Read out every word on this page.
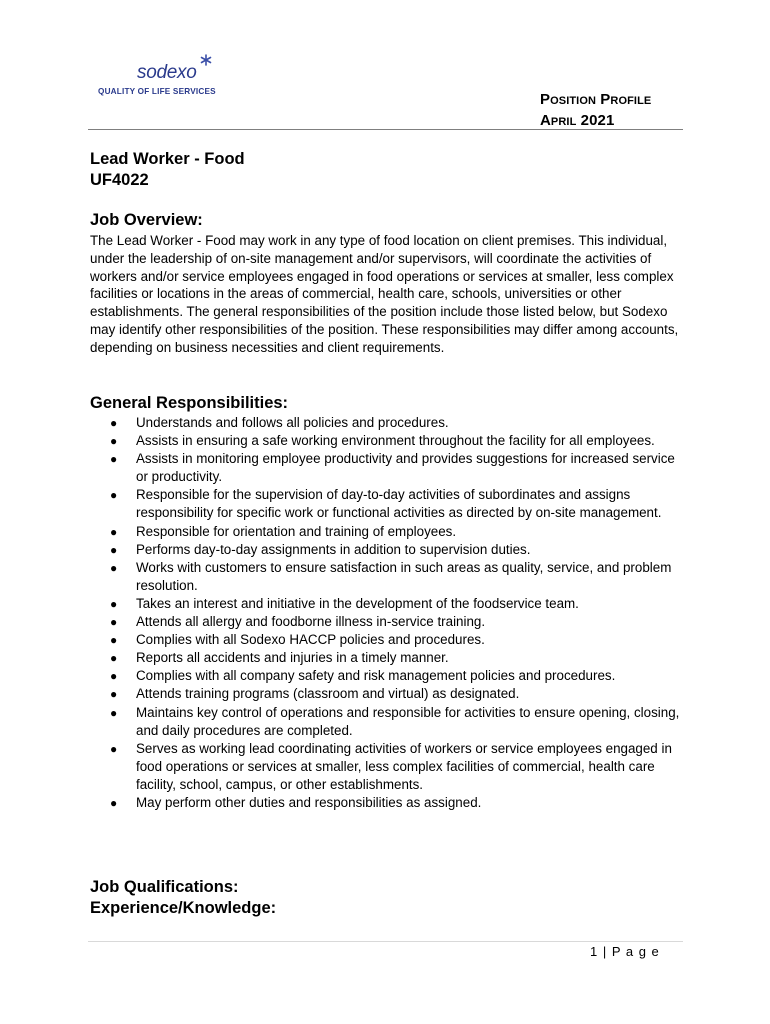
sodexo
QUALITY OF LIFE SERVICES	Position Profile
April 2021
Lead Worker - Food
UF4022
Job Overview:
The Lead Worker - Food may work in any type of food location on client premises. This individual, under the leadership of on-site management and/or supervisors, will coordinate the activities of workers and/or service employees engaged in food operations or services at smaller, less complex facilities or locations in the areas of commercial, health care, schools, universities or other establishments. The general responsibilities of the position include those listed below, but Sodexo may identify other responsibilities of the position. These responsibilities may differ among accounts, depending on business necessities and client requirements.
General Responsibilities:
● Understands and follows all policies and procedures.
● Assists in ensuring a safe working environment throughout the facility for all employees.
● Assists in monitoring employee productivity and provides suggestions for increased service or productivity.
● Responsible for the supervision of day-to-day activities of subordinates and assigns responsibility for specific work or functional activities as directed by on-site management.
● Responsible for orientation and training of employees.
● Performs day-to-day assignments in addition to supervision duties.
● Works with customers to ensure satisfaction in such areas as quality, service, and problem resolution.
● Takes an interest and initiative in the development of the foodservice team.
● Attends all allergy and foodborne illness in-service training.
● Complies with all Sodexo HACCP policies and procedures.
● Reports all accidents and injuries in a timely manner.
● Complies with all company safety and risk management policies and procedures.
● Attends training programs (classroom and virtual) as designated.
● Maintains key control of operations and responsible for activities to ensure opening, closing, and daily procedures are completed.
● Serves as working lead coordinating activities of workers or service employees engaged in food operations or services at smaller, less complex facilities of commercial, health care facility, school, campus, or other establishments.
● May perform other duties and responsibilities as assigned.
Job Qualifications:
Experience/Knowledge:
1 | P a g e
